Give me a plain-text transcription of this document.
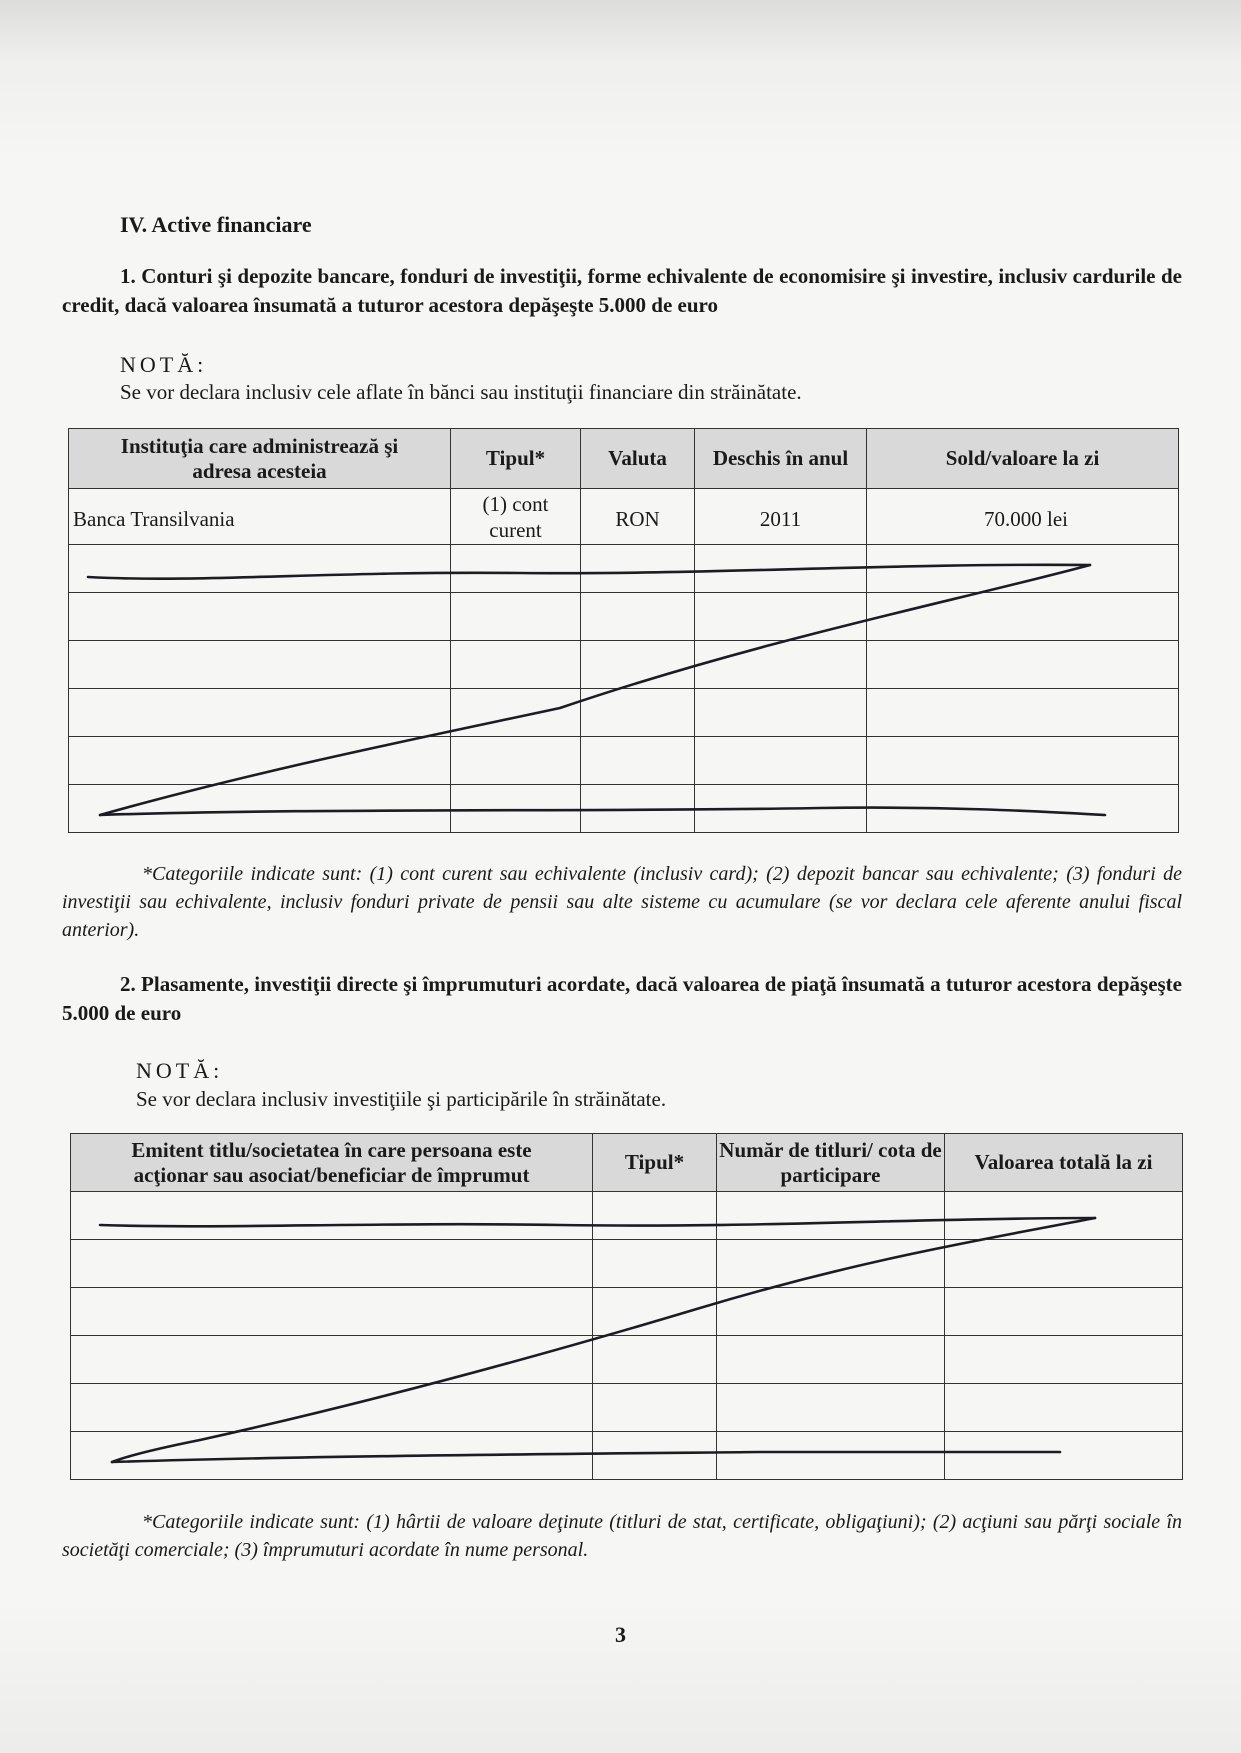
IV. Active financiare
1. Conturi şi depozite bancare, fonduri de investiţii, forme echivalente de economisire şi investire, inclusiv cardurile de credit, dacă valoarea însumată a tuturor acestora depăşeşte 5.000 de euro
NOTĂ:
Se vor declara inclusiv cele aflate în bănci sau instituţii financiare din străinătate.
Instituţia care administrează şi adresa acesteia	Tipul*	Valuta	Deschis în anul	Sold/valoare la zi
Banca Transilvania	(1) cont curent	RON	2011	70.000 lei

*Categoriile indicate sunt: (1) cont curent sau echivalente (inclusiv card); (2) depozit bancar sau echivalente; (3) fonduri de investiţii sau echivalente, inclusiv fonduri private de pensii sau alte sisteme cu acumulare (se vor declara cele aferente anului fiscal anterior).
2. Plasamente, investiţii directe şi împrumuturi acordate, dacă valoarea de piaţă însumată a tuturor acestora depăşeşte 5.000 de euro
NOTĂ:
Se vor declara inclusiv investiţiile şi participările în străinătate.
Emitent titlu/societatea în care persoana este acţionar sau asociat/beneficiar de împrumut	Tipul*	Număr de titluri/ cota de participare	Valoarea totală la zi

*Categoriile indicate sunt: (1) hârtii de valoare deţinute (titluri de stat, certificate, obligaţiuni); (2) acţiuni sau părţi sociale în societăţi comerciale; (3) împrumuturi acordate în nume personal.
3
